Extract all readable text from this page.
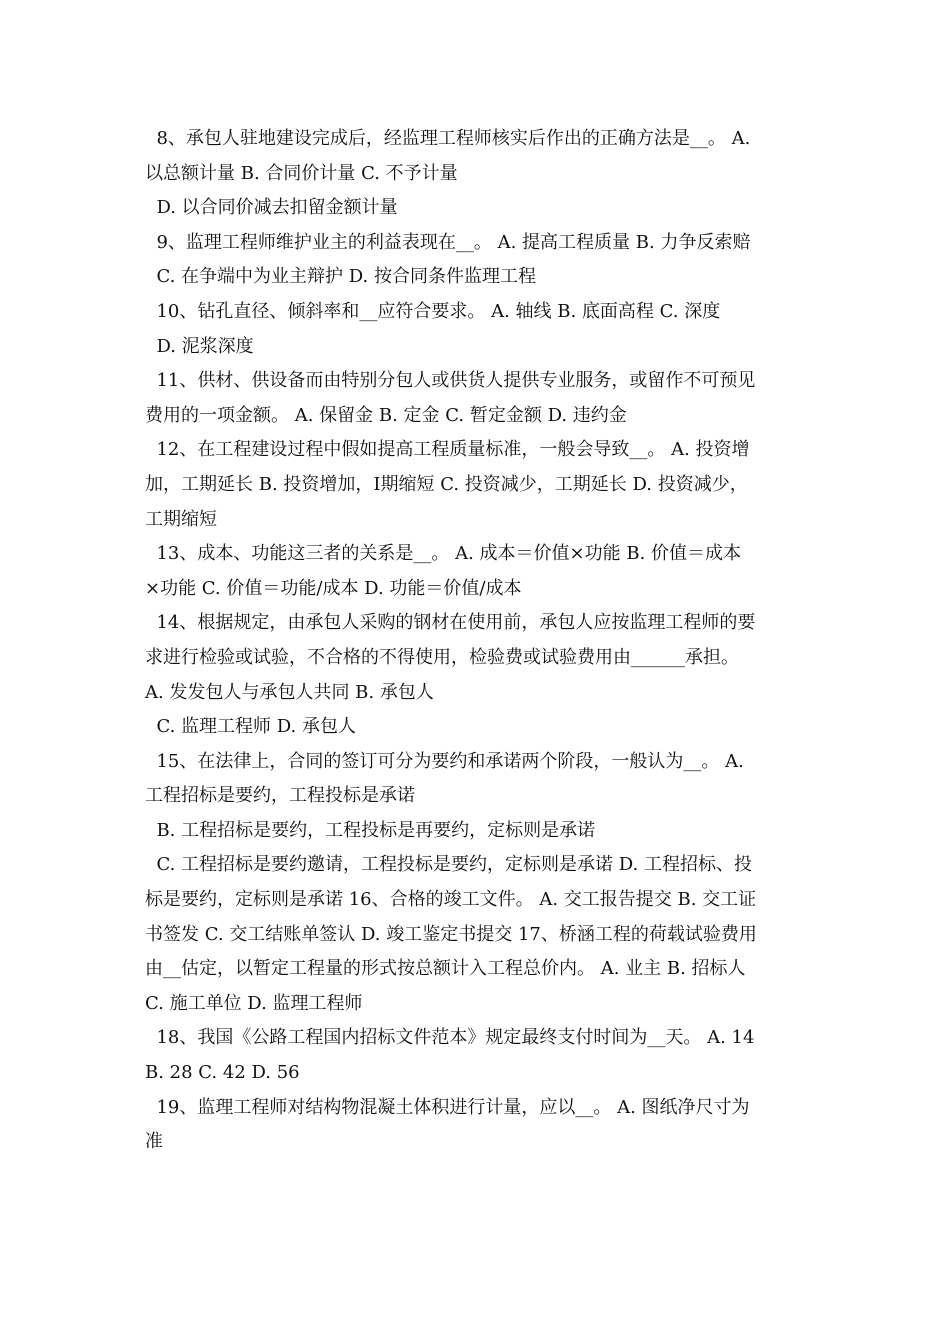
8、承包人驻地建设完成后，经监理工程师核实后作出的正确方法是__。 A.
以总额计量 B. 合同价计量 C. 不予计量
D. 以合同价减去扣留金额计量
9、监理工程师维护业主的利益表现在__。 A. 提高工程质量 B. 力争反索赔
C. 在争端中为业主辩护 D. 按合同条件监理工程
10、钻孔直径、倾斜率和__应符合要求。 A. 轴线 B. 底面高程 C. 深度
D. 泥浆深度
11、供材、供设备而由特别分包人或供货人提供专业服务，或留作不可预见
费用的一项金额。 A. 保留金 B. 定金 C. 暂定金额 D. 违约金
12、在工程建设过程中假如提高工程质量标准，一般会导致__。 A. 投资增
加，工期延长 B. 投资增加，I期缩短 C. 投资减少，工期延长 D. 投资减少，
工期缩短
13、成本、功能这三者的关系是__。 A. 成本＝价值×功能 B. 价值＝成本
×功能 C. 价值＝功能/成本 D. 功能＝价值/成本
14、根据规定，由承包人采购的钢材在使用前，承包人应按监理工程师的要
求进行检验或试验，不合格的不得使用，检验费或试验费用由______承担。
A. 发发包人与承包人共同 B. 承包人
C. 监理工程师 D. 承包人
15、在法律上，合同的签订可分为要约和承诺两个阶段，一般认为__。 A.
工程招标是要约，工程投标是承诺
B. 工程招标是要约，工程投标是再要约，定标则是承诺
C. 工程招标是要约邀请，工程投标是要约，定标则是承诺 D. 工程招标、投
标是要约，定标则是承诺 16、合格的竣工文件。 A. 交工报告提交 B. 交工证
书签发 C. 交工结账单签认 D. 竣工鉴定书提交 17、桥涵工程的荷载试验费用
由__估定，以暂定工程量的形式按总额计入工程总价内。 A. 业主 B. 招标人
C. 施工单位 D. 监理工程师
18、我国《公路工程国内招标文件范本》规定最终支付时间为__天。 A. 14
B. 28 C. 42 D. 56
19、监理工程师对结构物混凝土体积进行计量，应以__。 A. 图纸净尺寸为
准
